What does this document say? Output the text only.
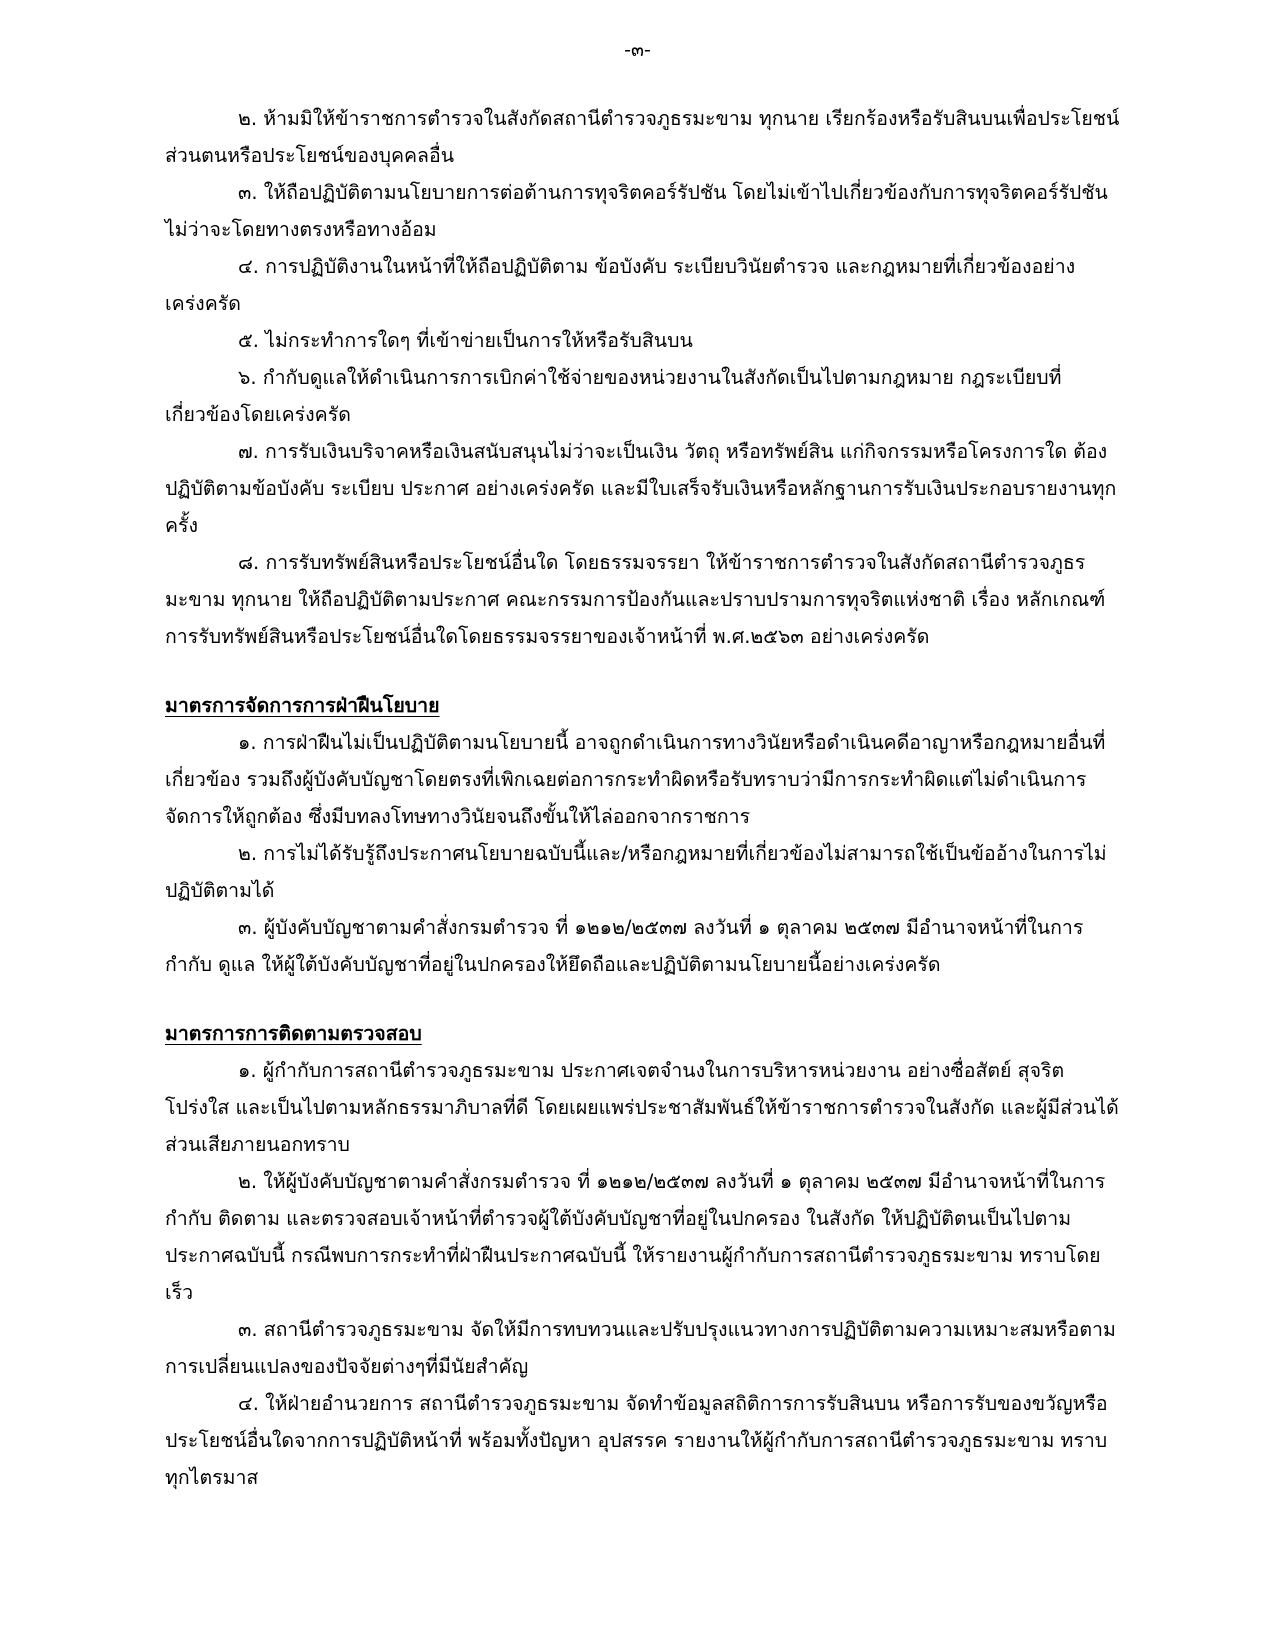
-๓-

๒. ห้ามมิให้ข้าราชการตำรวจในสังกัดสถานีตำรวจภูธรมะขาม ทุกนาย เรียกร้องหรือรับสินบนเพื่อประโยชน์ส่วนตนหรือประโยชน์ของบุคคลอื่น

๓. ให้ถือปฏิบัติตามนโยบายการต่อต้านการทุจริตคอร์รัปชัน โดยไม่เข้าไปเกี่ยวข้องกับการทุจริตคอร์รัปชันไม่ว่าจะโดยทางตรงหรือทางอ้อม

๔. การปฏิบัติงานในหน้าที่ให้ถือปฏิบัติตาม ข้อบังคับ ระเบียบวินัยตำรวจ และกฎหมายที่เกี่ยวข้องอย่างเคร่งครัด

๕. ไม่กระทำการใดๆ ที่เข้าข่ายเป็นการให้หรือรับสินบน

๖. กำกับดูแลให้ดำเนินการการเบิกค่าใช้จ่ายของหน่วยงานในสังกัดเป็นไปตามกฎหมาย กฎระเบียบที่เกี่ยวข้องโดยเคร่งครัด

๗. การรับเงินบริจาคหรือเงินสนับสนุนไม่ว่าจะเป็นเงิน วัตถุ หรือทรัพย์สิน แก่กิจกรรมหรือโครงการใด ต้องปฏิบัติตามข้อบังคับ ระเบียบ ประกาศ อย่างเคร่งครัด และมีใบเสร็จรับเงินหรือหลักฐานการรับเงินประกอบรายงานทุกครั้ง

๘. การรับทรัพย์สินหรือประโยชน์อื่นใด โดยธรรมจรรยา ให้ข้าราชการตำรวจในสังกัดสถานีตำรวจภูธรมะขาม ทุกนาย ให้ถือปฏิบัติตามประกาศ คณะกรรมการป้องกันและปราบปรามการทุจริตแห่งชาติ เรื่อง หลักเกณฑ์การรับทรัพย์สินหรือประโยชน์อื่นใดโดยธรรมจรรยาของเจ้าหน้าที่ พ.ศ.๒๕๖๓ อย่างเคร่งครัด

มาตรการจัดการการฝ่าฝืนโยบาย

๑. การฝ่าฝืนไม่เป็นปฏิบัติตามนโยบายนี้ อาจถูกดำเนินการทางวินัยหรือดำเนินคดีอาญาหรือกฎหมายอื่นที่เกี่ยวข้อง รวมถึงผู้บังคับบัญชาโดยตรงที่เพิกเฉยต่อการกระทำผิดหรือรับทราบว่ามีการกระทำผิดแต่ไม่ดำเนินการจัดการให้ถูกต้อง ซึ่งมีบทลงโทษทางวินัยจนถึงขั้นให้ไล่ออกจากราชการ

๒. การไม่ได้รับรู้ถึงประกาศนโยบายฉบับนี้และ/หรือกฎหมายที่เกี่ยวข้องไม่สามารถใช้เป็นข้ออ้างในการไม่ปฏิบัติตามได้

๓. ผู้บังคับบัญชาตามคำสั่งกรมตำรวจ ที่ ๑๒๑๒/๒๕๓๗ ลงวันที่ ๑ ตุลาคม ๒๕๓๗ มีอำนาจหน้าที่ในการกำกับ ดูแล ให้ผู้ใต้บังคับบัญชาที่อยู่ในปกครองให้ยึดถือและปฏิบัติตามนโยบายนี้อย่างเคร่งครัด

มาตรการการติดตามตรวจสอบ

๑. ผู้กำกับการสถานีตำรวจภูธรมะขาม ประกาศเจตจำนงในการบริหารหน่วยงาน อย่างซื่อสัตย์ สุจริต โปร่งใส และเป็นไปตามหลักธรรมาภิบาลที่ดี โดยเผยแพร่ประชาสัมพันธ์ให้ข้าราชการตำรวจในสังกัด และผู้มีส่วนได้ส่วนเสียภายนอกทราบ

๒. ให้ผู้บังคับบัญชาตามคำสั่งกรมตำรวจ ที่ ๑๒๑๒/๒๕๓๗ ลงวันที่ ๑ ตุลาคม ๒๕๓๗ มีอำนาจหน้าที่ในการกำกับ ติดตาม และตรวจสอบเจ้าหน้าที่ตำรวจผู้ใต้บังคับบัญชาที่อยู่ในปกครอง ในสังกัด ให้ปฏิบัติตนเป็นไปตามประกาศฉบับนี้ กรณีพบการกระทำที่ฝ่าฝืนประกาศฉบับนี้ ให้รายงานผู้กำกับการสถานีตำรวจภูธรมะขาม ทราบโดยเร็ว

๓. สถานีตำรวจภูธรมะขาม จัดให้มีการทบทวนและปรับปรุงแนวทางการปฏิบัติตามความเหมาะสมหรือตามการเปลี่ยนแปลงของปัจจัยต่างๆที่มีนัยสำคัญ

๔. ให้ฝ่ายอำนวยการ สถานีตำรวจภูธรมะขาม จัดทำข้อมูลสถิติการการรับสินบน หรือการรับของขวัญหรือประโยชน์อื่นใดจากการปฏิบัติหน้าที่ พร้อมทั้งปัญหา อุปสรรค รายงานให้ผู้กำกับการสถานีตำรวจภูธรมะขาม ทราบทุกไตรมาส
